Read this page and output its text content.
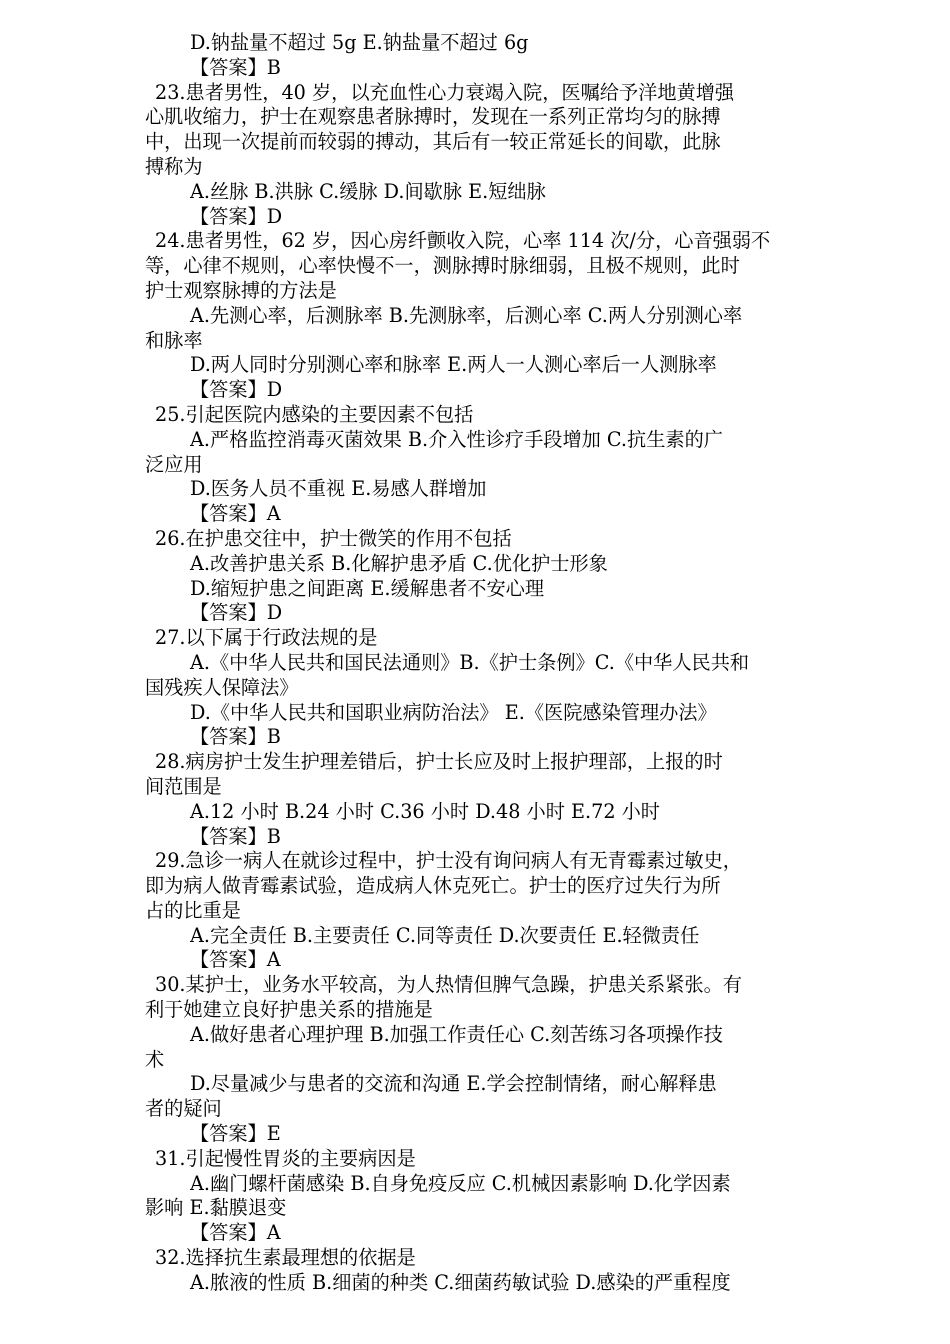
D.钠盐量不超过 5g E.钠盐量不超过 6g
【答案】B
23.患者男性，40 岁，以充血性心力衰竭入院，医嘱给予洋地黄增强
心肌收缩力，护士在观察患者脉搏时，发现在一系列正常均匀的脉搏
中，出现一次提前而较弱的搏动，其后有一较正常延长的间歇，此脉
搏称为
A.丝脉 B.洪脉 C.缓脉 D.间歇脉 E.短绌脉
【答案】D
24.患者男性，62 岁，因心房纤颤收入院，心率 114 次/分，心音强弱不
等，心律不规则，心率快慢不一，测脉搏时脉细弱，且极不规则，此时
护士观察脉搏的方法是
A.先测心率，后测脉率 B.先测脉率，后测心率 C.两人分别测心率
和脉率
D.两人同时分别测心率和脉率 E.两人一人测心率后一人测脉率
【答案】D
25.引起医院内感染的主要因素不包括
A.严格监控消毒灭菌效果 B.介入性诊疗手段增加 C.抗生素的广
泛应用
D.医务人员不重视 E.易感人群增加
【答案】A
26.在护患交往中，护士微笑的作用不包括
A.改善护患关系 B.化解护患矛盾 C.优化护士形象
D.缩短护患之间距离 E.缓解患者不安心理
【答案】D
27.以下属于行政法规的是
A.《中华人民共和国民法通则》B.《护士条例》C.《中华人民共和
国残疾人保障法》
D.《中华人民共和国职业病防治法》 E.《医院感染管理办法》
【答案】B
28.病房护士发生护理差错后，护士长应及时上报护理部，上报的时
间范围是
A.12 小时 B.24 小时 C.36 小时 D.48 小时 E.72 小时
【答案】B
29.急诊一病人在就诊过程中，护士没有询问病人有无青霉素过敏史，
即为病人做青霉素试验，造成病人休克死亡。护士的医疗过失行为所
占的比重是
A.完全责任 B.主要责任 C.同等责任 D.次要责任 E.轻微责任
【答案】A
30.某护士，业务水平较高，为人热情但脾气急躁，护患关系紧张。有
利于她建立良好护患关系的措施是
A.做好患者心理护理 B.加强工作责任心 C.刻苦练习各项操作技
术
D.尽量减少与患者的交流和沟通 E.学会控制情绪，耐心解释患
者的疑问
【答案】E
31.引起慢性胃炎的主要病因是
A.幽门螺杆菌感染 B.自身免疫反应 C.机械因素影响 D.化学因素
影响 E.黏膜退变
【答案】A
32.选择抗生素最理想的依据是
A.脓液的性质 B.细菌的种类 C.细菌药敏试验 D.感染的严重程度
